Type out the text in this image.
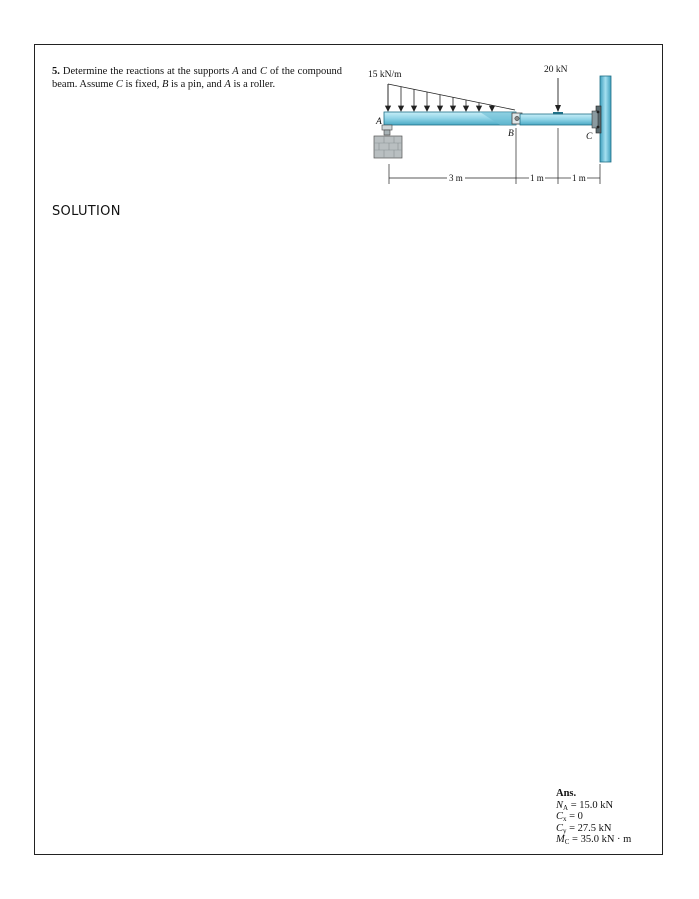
5. Determine the reactions at the supports A and C of the compound beam. Assume C is fixed, B is a pin, and A is a roller.
15 kN/m	20 kN
A
B	C
3 m	1 m	1 m
SOLUTION
Ans.
$N_A = 15.0$ kN
$C_x = 0$
$C_y = 27.5$ kN
$M_C = 35.0$ kN · m
